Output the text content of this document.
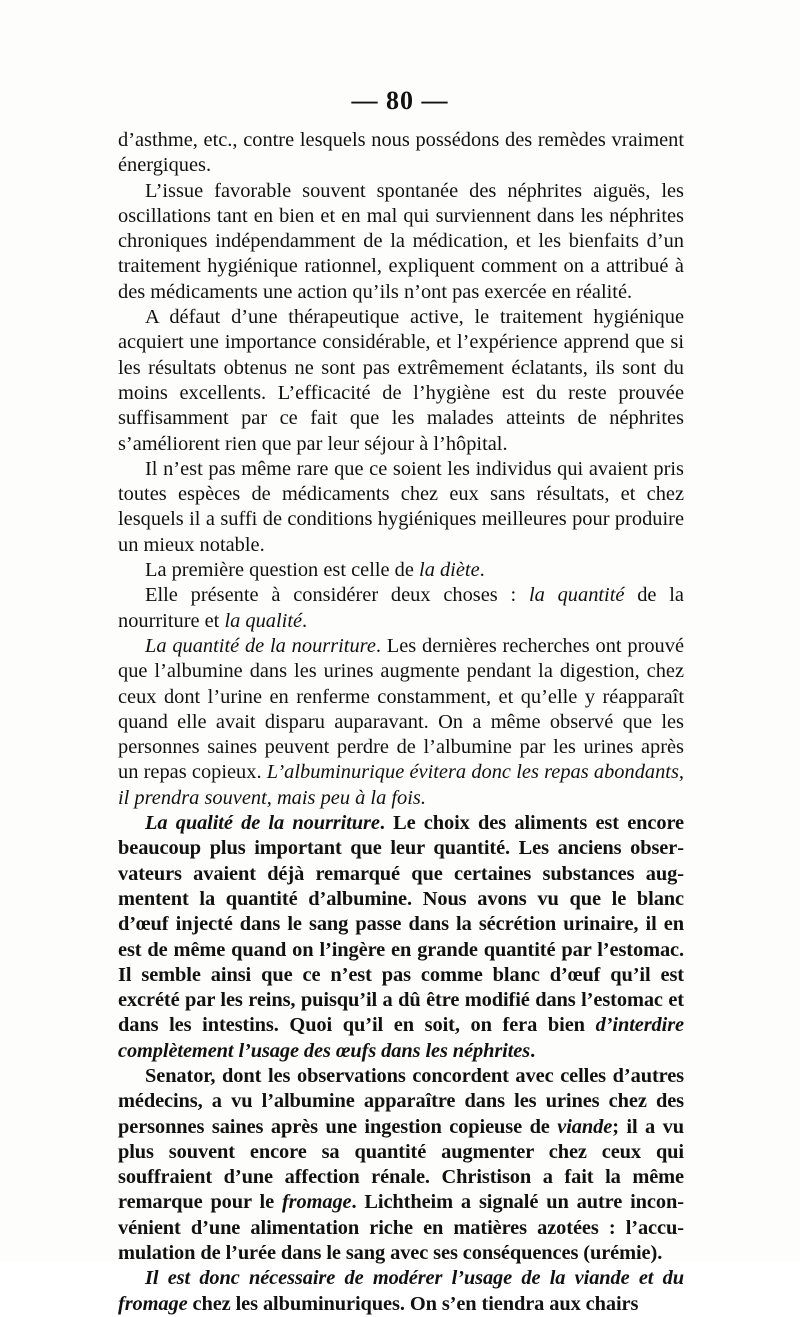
— 80 —

d’asthme, etc., contre lesquels nous possédons des remèdes vraiment énergiques.

L’issue favorable souvent spontanée des néphrites aiguës, les oscillations tant en bien et en mal qui surviennent dans les néphrites chroniques indépendamment de la médication, et les bienfaits d’un traitement hygiénique rationnel, expliquent comment on a attribué à des médicaments une action qu’ils n’ont pas exercée en réalité.

A défaut d’une thérapeutique active, le traitement hygiénique acquiert une importance considérable, et l’expérience apprend que si les résultats obtenus ne sont pas extrêmement éclatants, ils sont du moins excellents. L’efficacité de l’hygiène est du reste prouvée suffisamment par ce fait que les malades atteints de néphrites s’améliorent rien que par leur séjour à l’hôpital.

Il n’est pas même rare que ce soient les individus qui avaient pris toutes espèces de médicaments chez eux sans résultats, et chez lesquels il a suffi de conditions hygiéniques meilleures pour produire un mieux notable.

La première question est celle de la diète.

Elle présente à considérer deux choses : la quantité de la nourriture et la qualité.

La quantité de la nourriture. Les dernières recherches ont prouvé que l’albumine dans les urines augmente pendant la digestion, chez ceux dont l’urine en renferme constamment, et qu’elle y réapparaît quand elle avait disparu auparavant. On a même observé que les personnes saines peuvent perdre de l’albumine par les urines après un repas copieux. L’albuminurique évitera donc les repas abondants, il prendra souvent, mais peu à la fois.

La qualité de la nourriture. Le choix des aliments est encore beaucoup plus important que leur quantité. Les anciens observateurs avaient déjà remarqué que certaines substances augmentent la quantité d’albumine. Nous avons vu que le blanc d’œuf injecté dans le sang passe dans la sécrétion urinaire, il en est de même quand on l’ingère en grande quantité par l’estomac. Il semble ainsi que ce n’est pas comme blanc d’œuf qu’il est excrété par les reins, puisqu’il a dû être modifié dans l’estomac et dans les intestins. Quoi qu’il en soit, on fera bien d’interdire complètement l’usage des œufs dans les néphrites.

Senator, dont les observations concordent avec celles d’autres médecins, a vu l’albumine apparaître dans les urines chez des personnes saines après une ingestion copieuse de viande; il a vu plus souvent encore sa quantité augmenter chez ceux qui souffraient d’une affection rénale. Christison a fait la même remarque pour le fromage. Lichtheim a signalé un autre inconvénient d’une alimentation riche en matières azotées : l’accumulation de l’urée dans le sang avec ses conséquences (urémie).

Il est donc nécessaire de modérer l’usage de la viande et du fromage chez les albuminuriques. On s’en tiendra aux chairs
